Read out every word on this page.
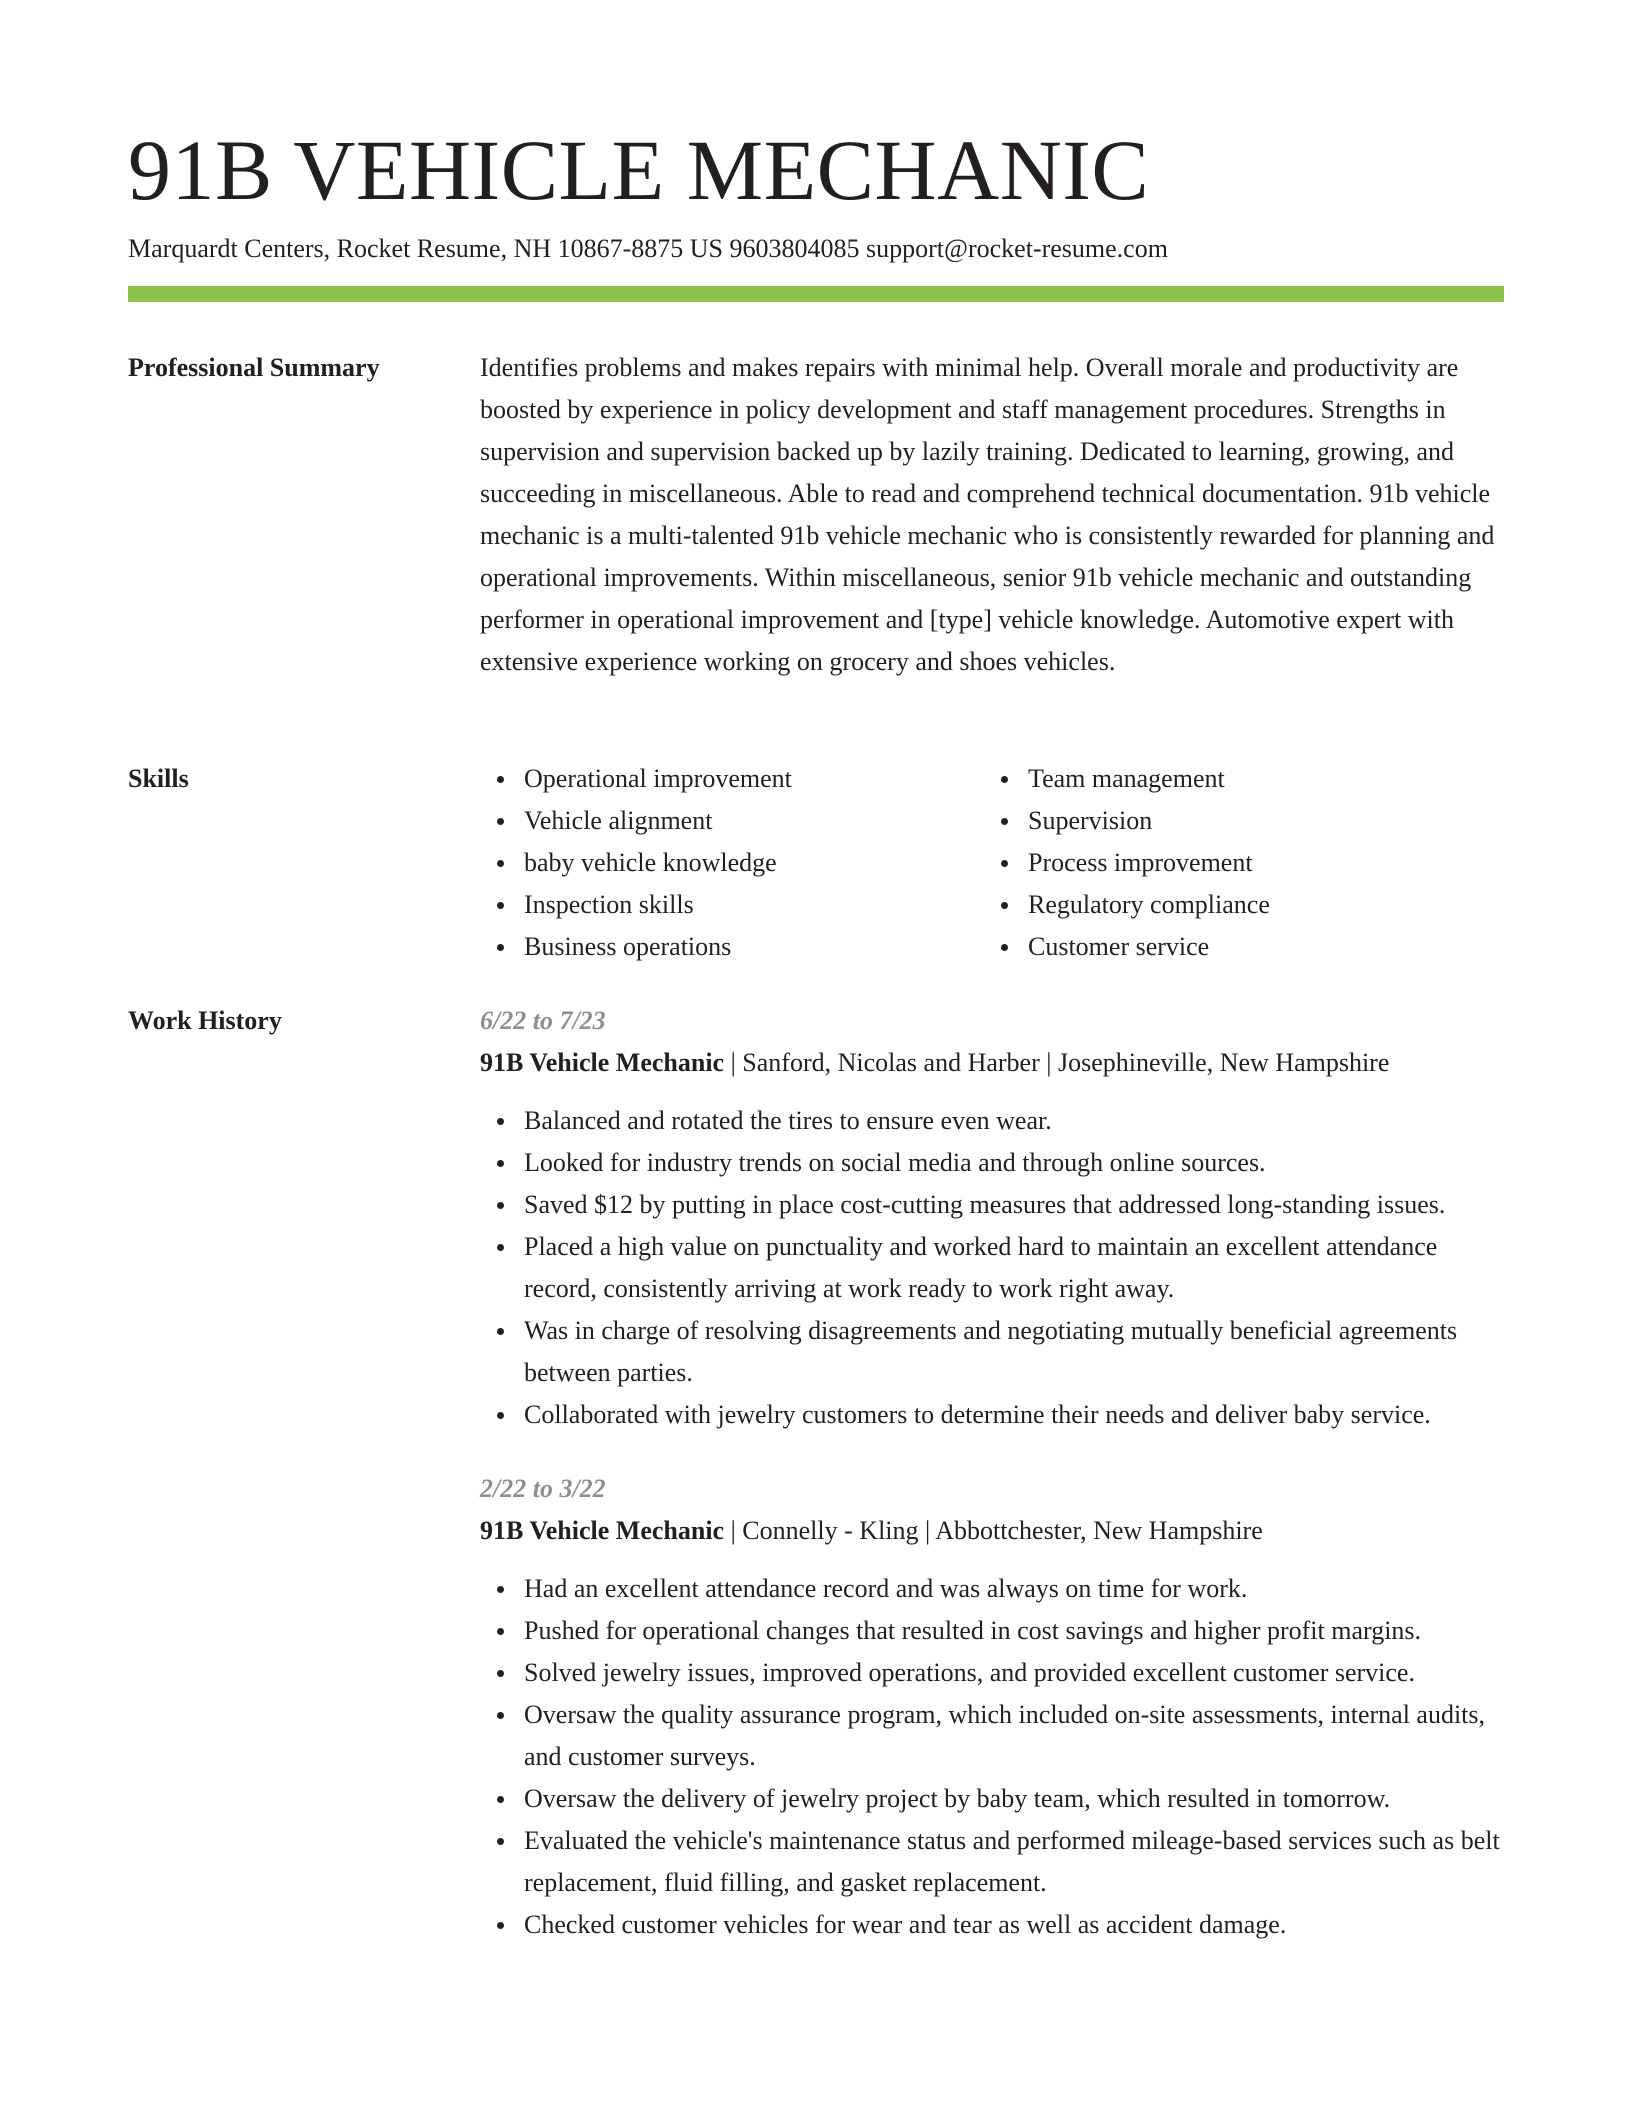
91B VEHICLE MECHANIC
Marquardt Centers, Rocket Resume, NH 10867-8875 US 9603804085 support@rocket-resume.com
Professional Summary	Identifies problems and makes repairs with minimal help. Overall morale and productivity are boosted by experience in policy development and staff management procedures. Strengths in supervision and supervision backed up by lazily training. Dedicated to learning, growing, and succeeding in miscellaneous. Able to read and comprehend technical documentation. 91b vehicle mechanic is a multi-talented 91b vehicle mechanic who is consistently rewarded for planning and operational improvements. Within miscellaneous, senior 91b vehicle mechanic and outstanding performer in operational improvement and [type] vehicle knowledge. Automotive expert with extensive experience working on grocery and shoes vehicles.

Skills	Operational improvement
Vehicle alignment
baby vehicle knowledge
Inspection skills
Business operations
Team management
Supervision
Process improvement
Regulatory compliance
Customer service
Work History	6/22 to 7/23
91B Vehicle Mechanic | Sanford, Nicolas and Harber | Josephineville, New Hampshire
Balanced and rotated the tires to ensure even wear.
Looked for industry trends on social media and through online sources.
Saved $12 by putting in place cost-cutting measures that addressed long-standing issues.
Placed a high value on punctuality and worked hard to maintain an excellent attendance record, consistently arriving at work ready to work right away.
Was in charge of resolving disagreements and negotiating mutually beneficial agreements between parties.
Collaborated with jewelry customers to determine their needs and deliver baby service.
2/22 to 3/22
91B Vehicle Mechanic | Connelly - Kling | Abbottchester, New Hampshire
Had an excellent attendance record and was always on time for work.
Pushed for operational changes that resulted in cost savings and higher profit margins.
Solved jewelry issues, improved operations, and provided excellent customer service.
Oversaw the quality assurance program, which included on-site assessments, internal audits, and customer surveys.
Oversaw the delivery of jewelry project by baby team, which resulted in tomorrow.
Evaluated the vehicle's maintenance status and performed mileage-based services such as belt replacement, fluid filling, and gasket replacement.
Checked customer vehicles for wear and tear as well as accident damage.
